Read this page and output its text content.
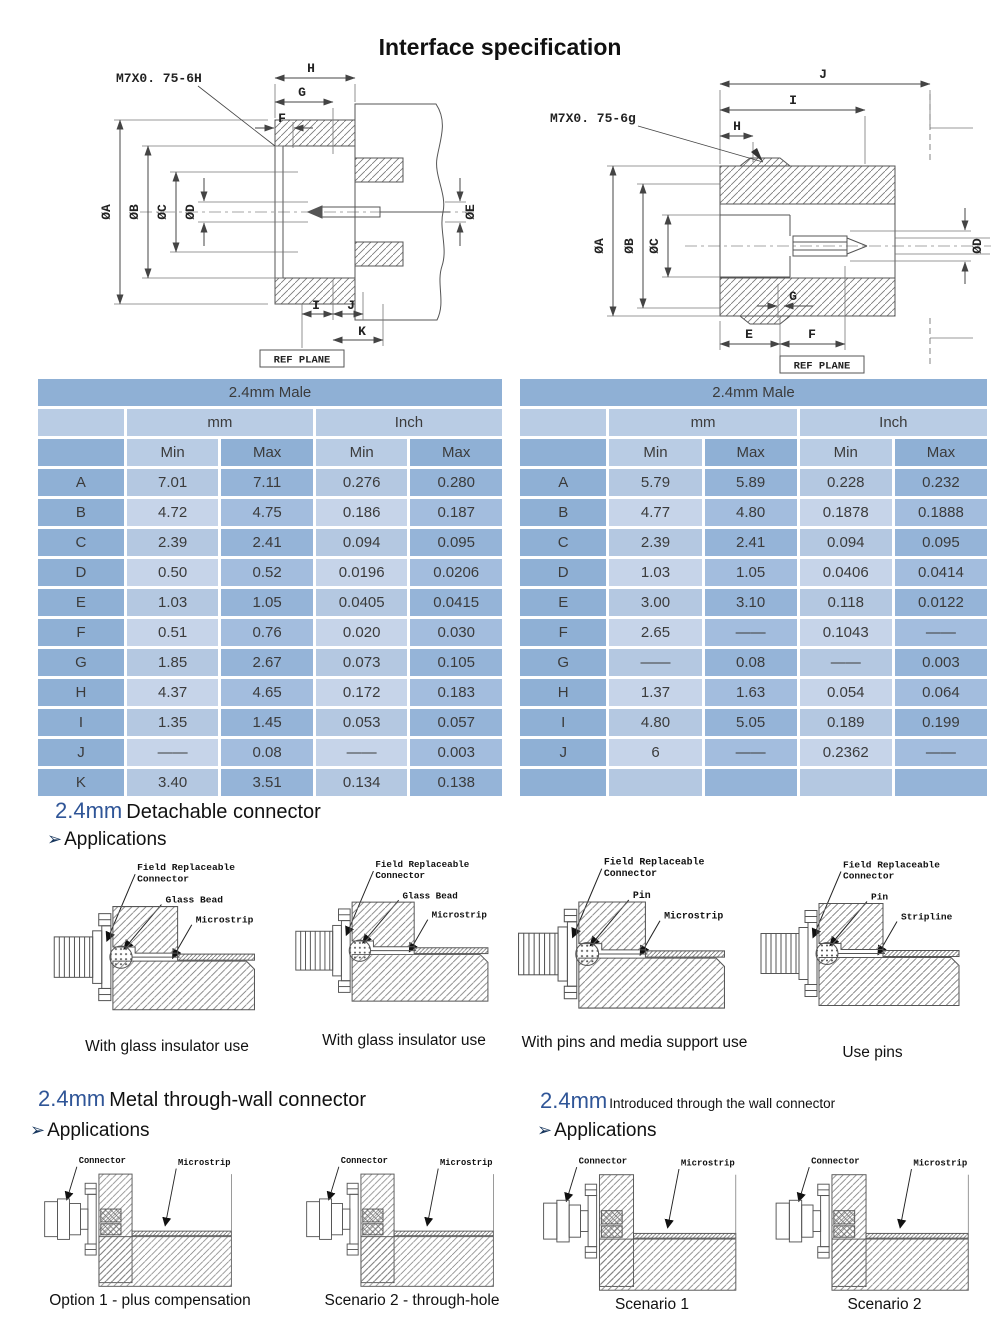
Interface specification
M7X0. 75-6H
H
G
F
ØA ØB ØC ØD	ØE
I J
K
REF PLANE
M7X0. 75-6g
J
I
H
ØA ØB ØC	ØD
G
E	F
REF PLANE
2.4mm Male				
	mm		Inch	
	Min	Max	Min	Max
A	7.01	7.11	0.276	0.280
B	4.72	4.75	0.186	0.187
C	2.39	2.41	0.094	0.095
D	0.50	0.52	0.0196	0.0206
E	1.03	1.05	0.0405	0.0415
F	0.51	0.76	0.020	0.030
G	1.85	2.67	0.073	0.105
H	4.37	4.65	0.172	0.183
I	1.35	1.45	0.053	0.057
J	——	0.08	——	0.003
K	3.40	3.51	0.134	0.138
2.4mm Male				
	mm		Inch	
	Min	Max	Min	Max
A	5.79	5.89	0.228	0.232
B	4.77	4.80	0.1878	0.1888
C	2.39	2.41	0.094	0.095
D	1.03	1.05	0.0406	0.0414
E	3.00	3.10	0.118	0.0122
F	2.65	——	0.1043	——
G	——	0.08	——	0.003
H	1.37	1.63	0.054	0.064
I	4.80	5.05	0.189	0.199
J	6	——	0.2362	——

2.4mm Detachable connector
➢ Applications
Field Replaceable
Connector
Glass Bead
Microstrip
With glass insulator use
Field Replaceable
Connector
Glass Bead
Microstrip
With glass insulator use
Field Replaceable
Connector
Pin
Microstrip
With pins and media support use
Field Replaceable
Connector
Pin
Stripline
Use pins
2.4mm Metal through-wall connector
➢ Applications
2.4mm Introduced through the wall connector
➢ Applications
Connector	Microstrip
Option 1 - plus compensation
Connector	Microstrip
Scenario 2 - through-hole
Connector	Microstrip
Scenario 1
Connector	Microstrip
Scenario 2
